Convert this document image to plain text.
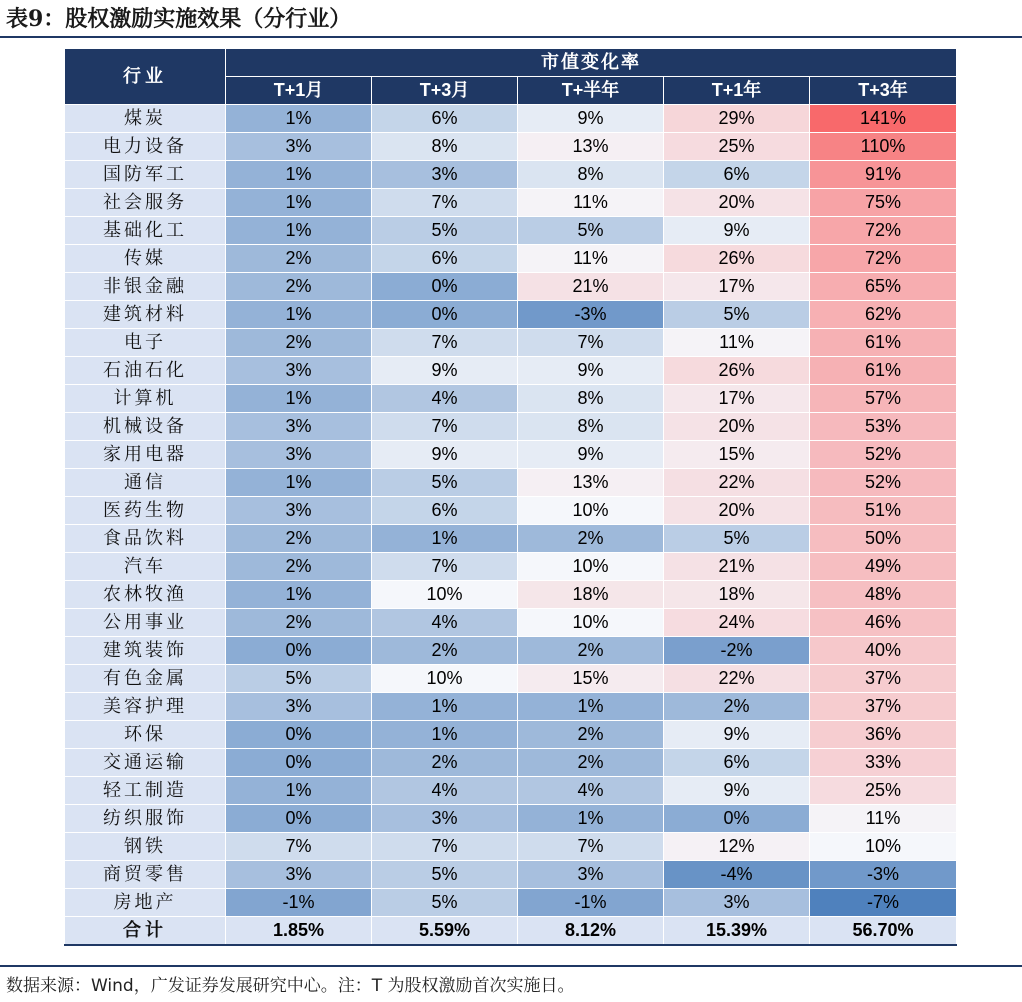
表9：股权激励实施效果（分行业）
行业	市值变化率				
	T+1月	T+3月	T+半年	T+1年	T+3年
煤炭	1%	6%	9%	29%	141%
电力设备	3%	8%	13%	25%	110%
国防军工	1%	3%	8%	6%	91%
社会服务	1%	7%	11%	20%	75%
基础化工	1%	5%	5%	9%	72%
传媒	2%	6%	11%	26%	72%
非银金融	2%	0%	21%	17%	65%
建筑材料	1%	0%	-3%	5%	62%
电子	2%	7%	7%	11%	61%
石油石化	3%	9%	9%	26%	61%
计算机	1%	4%	8%	17%	57%
机械设备	3%	7%	8%	20%	53%
家用电器	3%	9%	9%	15%	52%
通信	1%	5%	13%	22%	52%
医药生物	3%	6%	10%	20%	51%
食品饮料	2%	1%	2%	5%	50%
汽车	2%	7%	10%	21%	49%
农林牧渔	1%	10%	18%	18%	48%
公用事业	2%	4%	10%	24%	46%
建筑装饰	0%	2%	2%	-2%	40%
有色金属	5%	10%	15%	22%	37%
美容护理	3%	1%	1%	2%	37%
环保	0%	1%	2%	9%	36%
交通运输	0%	2%	2%	6%	33%
轻工制造	1%	4%	4%	9%	25%
纺织服饰	0%	3%	1%	0%	11%
钢铁	7%	7%	7%	12%	10%
商贸零售	3%	5%	3%	-4%	-3%
房地产	-1%	5%	-1%	3%	-7%
合计	1.85%	5.59%	8.12%	15.39%	56.70%
数据来源：Wind，广发证券发展研究中心。注：T 为股权激励首次实施日。
